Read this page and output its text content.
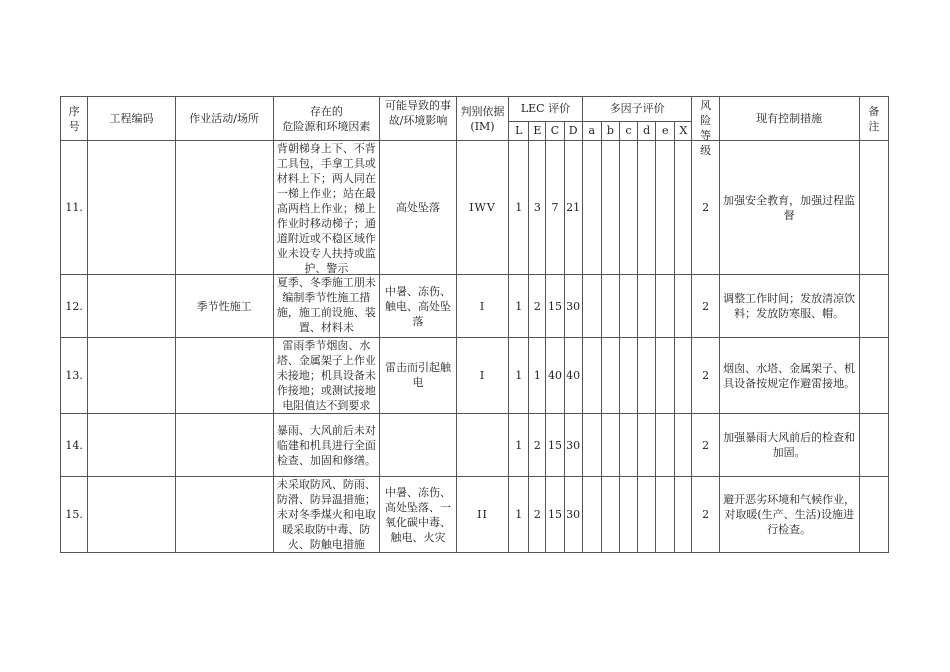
序号	工程编码	作业活动/场所	存在的
危险源和环境因素	可能导致的事故/环境影响	判别依据(IM)	LEC 评价				多因子评价						风险等级	现有控制措施	备注
						L	E	C	D	a	b	c	d	e	X			
11.			背朝梯身上下、不背工具包，手拿工具或材料上下；两人同在一梯上作业；站在最高两档上作业；梯上作业时移动梯子；通道附近或不稳区域作业未设专人扶持或监护、警示	高处坠落	IWV	1	3	7	21							2	加强安全教育，加强过程监督	
12.		季节性施工	夏季、冬季施工朋未编制季节性施工措施，施工前设施、装置、材料未	中暑、冻伤、触电、高处坠落	I	1	2	15	30							2	调整工作时间；发放清凉饮料；发放防寒服、帽。	
13.			雷雨季节烟囱、水塔、金属架子上作业未接地；机具设备未作接地；或测试接地电阻值达不到要求	雷击而引起触电	I	1	1	40	40							2	烟囱、水塔、金属架子、机具设备按规定作避雷接地。	
14.			暴雨、大风前后未对临建和机具进行全面检查、加固和修缮。			1	2	15	30							2	加强暴雨大风前后的检查和加固。	
15.			未采取防风、防雨、防滑、防异温措施；未对冬季煤火和电取暖采取防中毒、防火、防触电措施	中暑、冻伤、高处坠落、一氧化碳中毒、触电、火灾	II	1	2	15	30							2	避开恶劣环境和气候作业，对取暖(生产、生活)设施进行检查。	
